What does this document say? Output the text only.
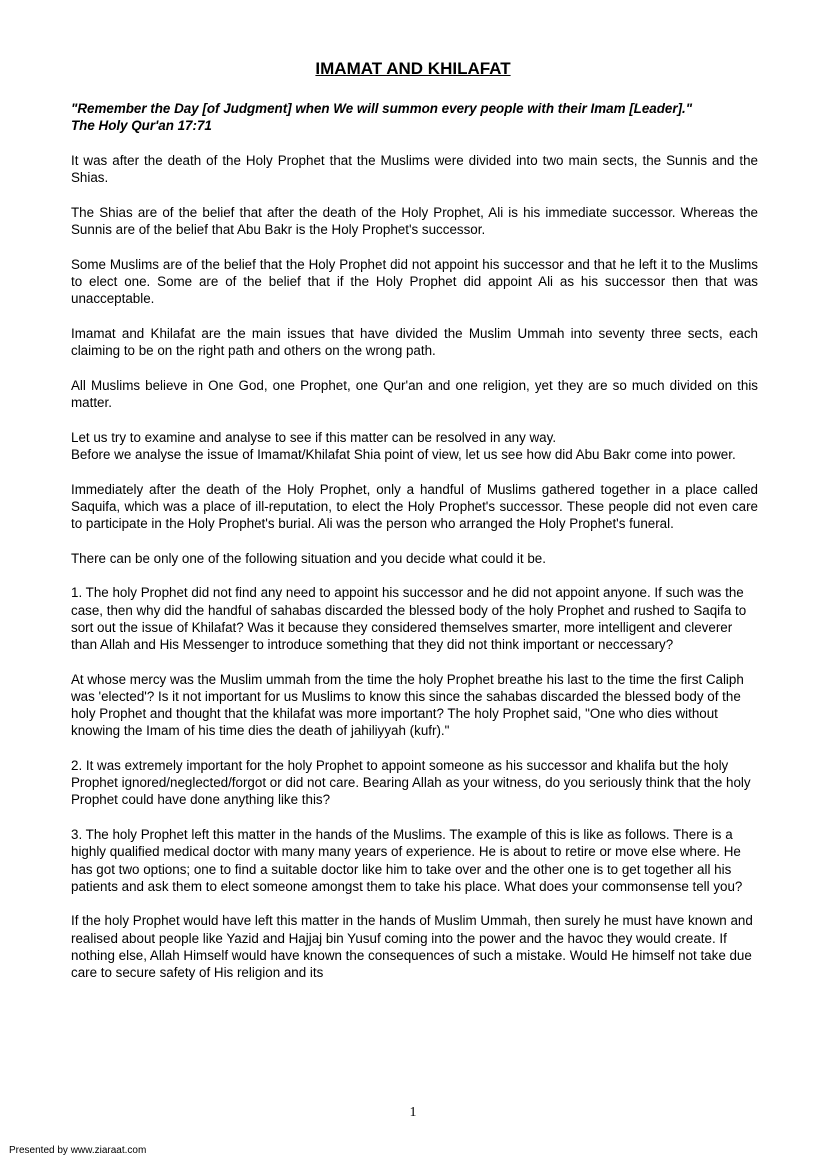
IMAMAT AND KHILAFAT

"Remember the Day [of Judgment] when We will summon every people with their Imam [Leader]."

The Holy Qur'an 17:71

It was after the death of the Holy Prophet that the Muslims were divided into two main sects, the Sunnis and the Shias.

The Shias are of the belief that after the death of the Holy Prophet, Ali is his immediate successor. Whereas the Sunnis are of the belief that Abu Bakr is the Holy Prophet's successor.

Some Muslims are of the belief that the Holy Prophet did not appoint his successor and that he left it to the Muslims to elect one. Some are of the belief that if the Holy Prophet did appoint Ali as his successor then that was unacceptable.

Imamat and Khilafat are the main issues that have divided the Muslim Ummah into seventy three sects, each claiming to be on the right path and others on the wrong path.

All Muslims believe in One God, one Prophet, one Qur'an and one religion, yet they are so much divided on this matter.

Let us try to examine and analyse to see if this matter can be resolved in any way.

Before we analyse the issue of Imamat/Khilafat Shia point of view, let us see how did Abu Bakr come into power.

Immediately after the death of the Holy Prophet, only a handful of Muslims gathered together in a place called Saquifa, which was a place of ill-reputation, to elect the Holy Prophet's successor. These people did not even care to participate in the Holy Prophet's burial. Ali was the person who arranged the Holy Prophet's funeral.

There can be only one of the following situation and you decide what could it be.

1. The holy Prophet did not find any need to appoint his successor and he did not appoint anyone. If such was the case, then why did the handful of sahabas discarded the blessed body of the holy Prophet and rushed to Saqifa to sort out the issue of Khilafat? Was it because they considered themselves smarter, more intelligent and cleverer than Allah and His Messenger to introduce something that they did not think important or neccessary?

At whose mercy was the Muslim ummah from the time the holy Prophet breathe his last to the time the first Caliph was 'elected'? Is it not important for us Muslims to know this since the sahabas discarded the blessed body of the holy Prophet and thought that the khilafat was more important? The holy Prophet said, "One who dies without knowing the Imam of his time dies the death of jahiliyyah (kufr)."

2. It was extremely important for the holy Prophet to appoint someone as his successor and khalifa but the holy Prophet ignored/neglected/forgot or did not care. Bearing Allah as your witness, do you seriously think that the holy Prophet could have done anything like this?

3. The holy Prophet left this matter in the hands of the Muslims. The example of this is like as follows. There is a highly qualified medical doctor with many many years of experience. He is about to retire or move else where. He has got two options; one to find a suitable doctor like him to take over and the other one is to get together all his patients and ask them to elect someone amongst them to take his place. What does your commonsense tell you?

If the holy Prophet would have left this matter in the hands of Muslim Ummah, then surely he must have known and realised about people like Yazid and Hajjaj bin Yusuf coming into the power and the havoc they would create. If nothing else, Allah Himself would have known the consequences of such a mistake. Would He himself not take due care to secure safety of His religion and its

1
Presented by www.ziaraat.com
